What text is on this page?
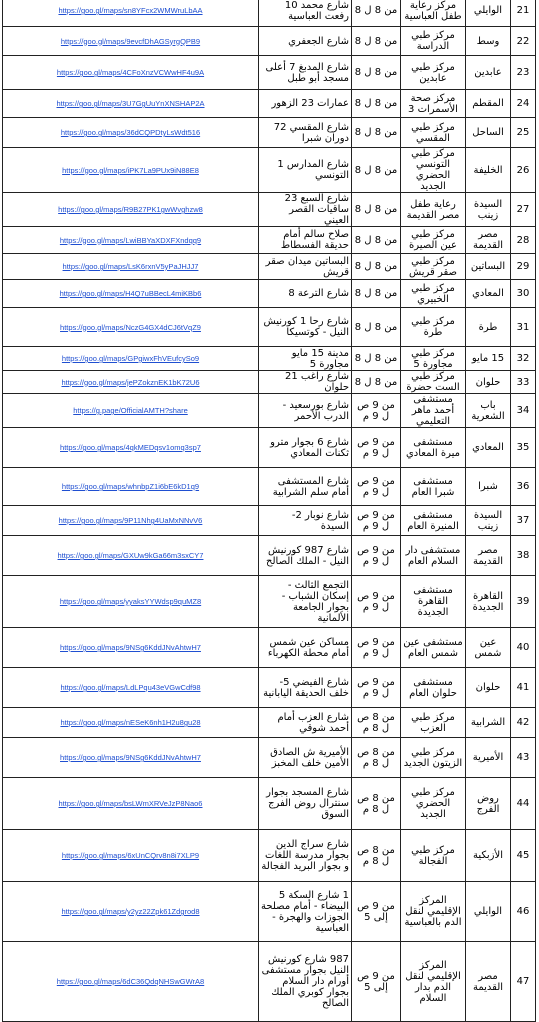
https://goo.gl/maps/sn8YFcx2WMWruLbAA	شارع محمد 10 رفعت العباسية	من 8 ل 8	مركز رعاية طفل العباسية	الوايلي	21
https://goo.gl/maps/9evcfDhAGSyrgQPB9	شارع الجعفري	من 8 ل 8	مركز طبي الدراسة	وسط	22
https://goo.gl/maps/4CFoXnzVCWwHF4u9A	شارع المدبغ 7 أعلى مسجد أبو طبل	من 8 ل 8	مركز طبي عابدين	عابدين	23
https://goo.gl/maps/3U7GgUuYnXNSHAP2A	عمارات 23 الزهور	من 8 ل 8	مركز صحة الأسمرات 3	المقطم	24
https://goo.gl/maps/36dCQPDtyLsWdt516	شارع المقسي 72 دوران شبرا	من 8 ل 8	مركز طبي المقسي	الساحل	25
https://goo.gl/maps/iPK7La9PUx9iN88E8	شارع المدارس 1 التونسي	من 8 ل 8	مركز طبي التونسي الحضري الجديد	الخليفة	26
https://goo.gl/maps/R9B27PK1gwWvghzw8	شارع السبع 23 ساقيات القصر العيني	من 8 ل 8	رعاية طفل مصر القديمة	السيدة زينب	27
https://goo.gl/maps/LwiBBYaXDXFXndqq9	صلاح سالم أمام حديقة الفسطاط	من 8 ل 8	مركز طبي عين الصيرة	مصر القديمة	28
https://goo.gl/maps/LsK6rxnV5yPaJHJJ7	البساتين ميدان صقر قريش	من 8 ل 8	مركز طبي صقر قريش	البساتين	29
https://goo.gl/maps/H4Q7uBBecL4miKBb6	شارع الترعة 8	من 8 ل 8	مركز طبي الخبيري	المعادي	30
https://goo.gl/maps/NczG4GX4dCJ6tVqZ9	شارع رحا 1 كورنيش النيل - كوتسيكا	من 8 ل 8	مركز طبي طرة	طرة	31
https://goo.gl/maps/GPgiwxFhVEufcySo9	مدينة 15 مايو مجاورة 5	من 8 ل 8	مركز طبي مجاورة 5	15 مايو	32
https://goo.gl/maps/jePZokznEK1bK72U6	شارع راغب 21 حلوان	من 8 ل 8	مركز طبي الست حضرة	حلوان	33
https://g.page/OfficialAMTH?share	شارع بورسعيد - الدرب الأحمر	من 9 ص ل 9 م	مستشفى أحمد ماهر التعليمي	باب الشعرية	34
https://goo.gl/maps/4qkMEDqsv1omq3sp7	شارع 6 بجوار مترو ثكنات المعادي	من 9 ص ل 9 م	مستشفى ميرة المعادي	المعادي	35
https://goo.gl/maps/whnbpZ1i6bE6kD1q9	شارع المستشفى أمام سلم الشرابية	من 9 ص ل 9 م	مستشفى شبرا العام	شبرا	36
https://goo.gl/maps/9P11Nhg4UaMxNNvV6	شارع نوبار 2- السيدة	من 9 ص ل 9 م	مستشفى المنيرة العام	السيدة زينب	37
https://goo.gl/maps/GXUw9kGa66m3sxCY7	شارع 987 كورنيش النيل - الملك الصالح	من 9 ص ل 9 م	مستشفى دار السلام العام	مصر القديمة	38
https://goo.gl/maps/yyaksYYWdsp9quMZ8	التجمع الثالث - إسكان الشباب - بجوار الجامعة الألمانية	من 9 ص ل 9 م	مستشفى القاهرة الجديدة	القاهرة الجديدة	39
https://goo.gl/maps/9NSg6KddJNvAhtwH7	مساكن عين شمس أمام محطة الكهرباء	من 9 ص ل 9 م	مستشفى عين شمس العام	عين شمس	40
https://goo.gl/maps/LdLPqu43eVGwCdf98	شارع الفيضي 5- خلف الحديقة اليابانية	من 9 ص ل 9 م	مستشفى حلوان العام	حلوان	41
https://goo.gl/maps/nESeK6nh1H2u8gu28	شارع العزب أمام أحمد شوقي	من 8 ص ل 8 م	مركز طبي العزب	الشرابية	42
https://goo.gl/maps/9NSg6KddJNvAhtwH7	الأميرية ش الصادق الأمين خلف المخبز	من 8 ص ل 8 م	مركز طبي الزيتون الجديد	الأميرية	43
https://goo.gl/maps/bsLWmXRVeJzP8Nao6	شارع المسجد بجوار سنترال روض الفرج السوق	من 8 ص ل 8 م	مركز طبي الحضري الجديد	روض الفرج	44
https://goo.gl/maps/6xUnCQrv8n8i7XLP9	شارع سراج الدين بجوار مدرسة اللغات و بجوار البريد الفجالة	من 8 ص ل 8 م	مركز طبي الفجالة	الأزبكية	45
https://goo.gl/maps/y2yz22Zpk61Zdgrod8	1 شارع السكة 5 البيضاء - أمام مصلحة الجوزات والهجرة - العباسية	من 9 ص إلى 5	المركز الإقليمي لنقل الدم بالعباسية	الوايلي	46
https://goo.gl/maps/6dC36QdqNHSwGWrA8	987 شارع كورنيش النيل بجوار مستشفى أورام دار السلام بجوار كوبري الملك الصالح	من 9 ص إلى 5	المركز الإقليمي لنقل الدم بدار السلام	مصر القديمة	47
